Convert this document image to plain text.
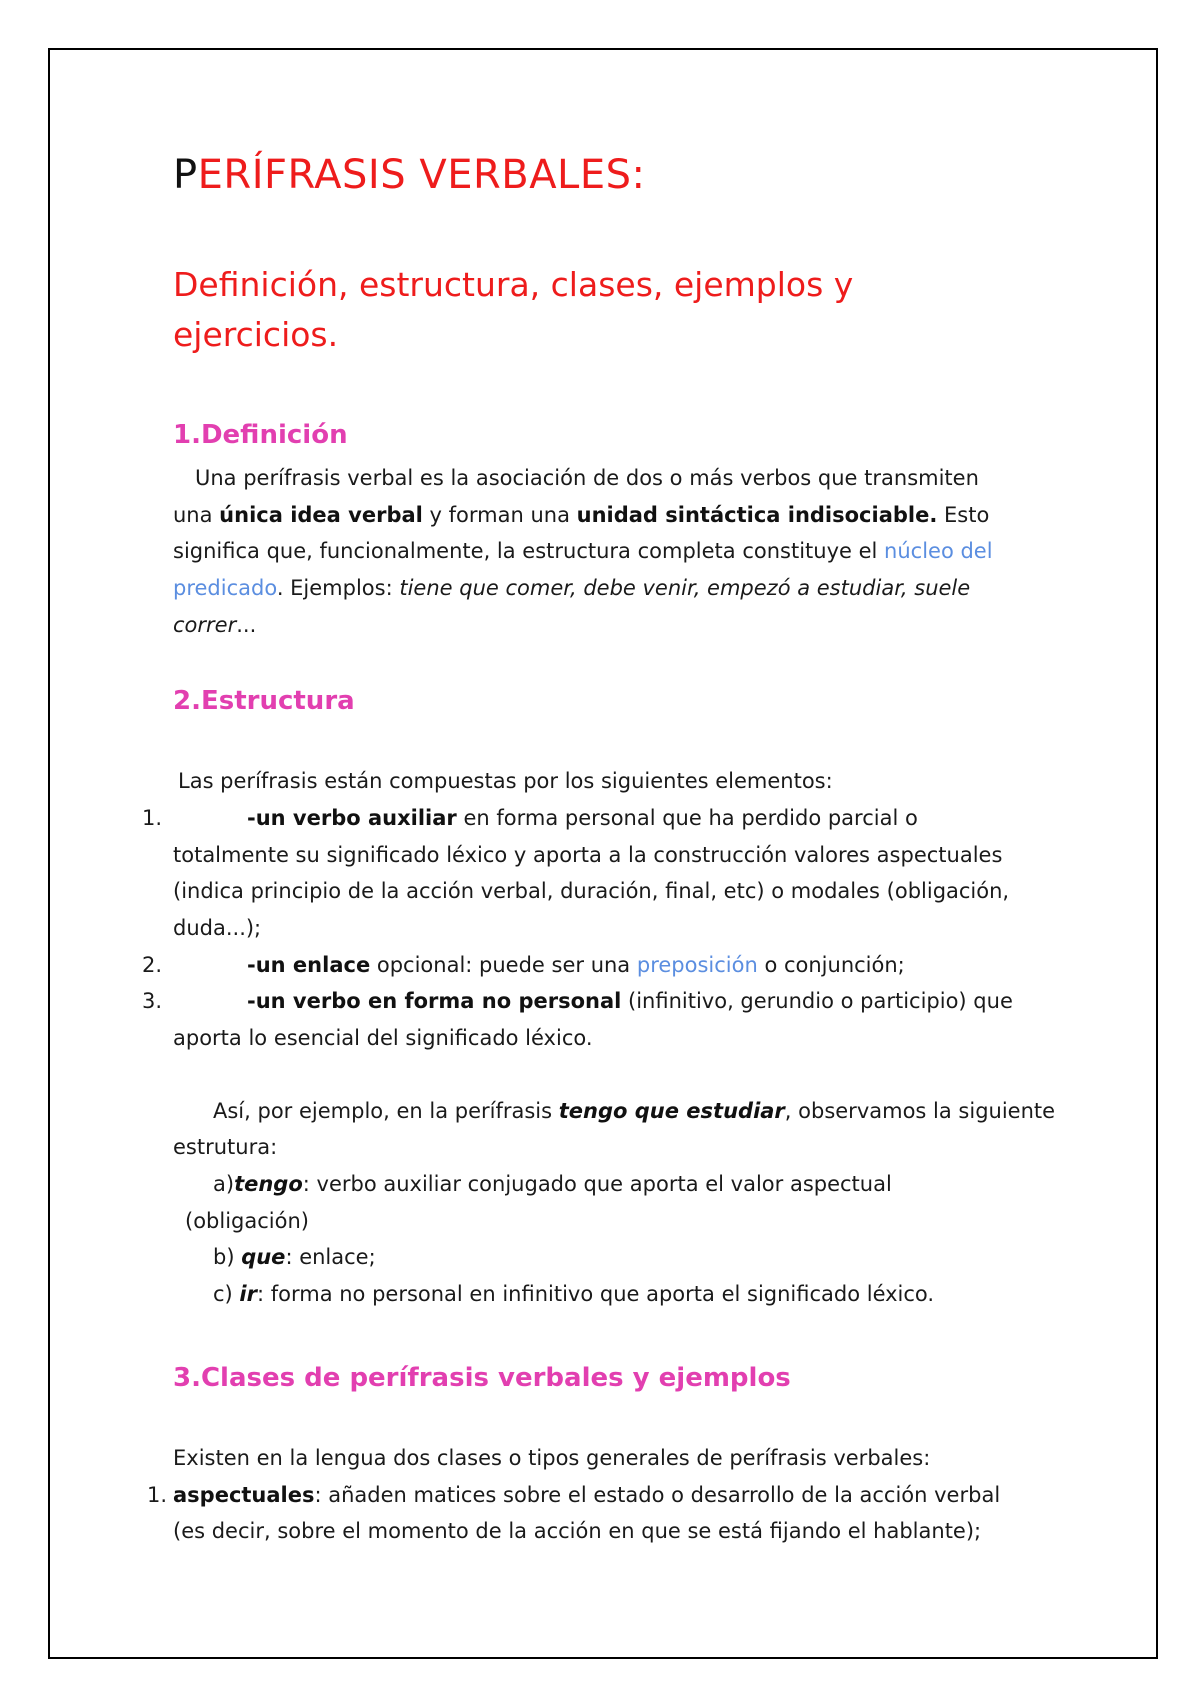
PERÍFRASIS VERBALES:
Definición, estructura, clases, ejemplos y
ejercicios.
1.Definición
Una perífrasis verbal es la asociación de dos o más verbos que transmiten
una única idea verbal y forman una unidad sintáctica indisociable. Esto
significa que, funcionalmente, la estructura completa constituye el núcleo del
predicado. Ejemplos: tiene que comer, debe venir, empezó a estudiar, suele
correr...
2.Estructura
Las perífrasis están compuestas por los siguientes elementos:
1.	-un verbo auxiliar en forma personal que ha perdido parcial o
totalmente su significado léxico y aporta a la construcción valores aspectuales
(indica principio de la acción verbal, duración, final, etc) o modales (obligación,
duda...);
2.	-un enlace opcional: puede ser una preposición o conjunción;
3.	-un verbo en forma no personal (infinitivo, gerundio o participio) que
aporta lo esencial del significado léxico.
Así, por ejemplo, en la perífrasis tengo que estudiar, observamos la siguiente
estrutura:
a)tengo: verbo auxiliar conjugado que aporta el valor aspectual
(obligación)
b) que: enlace;
c) ir: forma no personal en infinitivo que aporta el significado léxico.
3.Clases de perífrasis verbales y ejemplos
Existen en la lengua dos clases o tipos generales de perífrasis verbales:
1. aspectuales: añaden matices sobre el estado o desarrollo de la acción verbal
(es decir, sobre el momento de la acción en que se está fijando el hablante);
